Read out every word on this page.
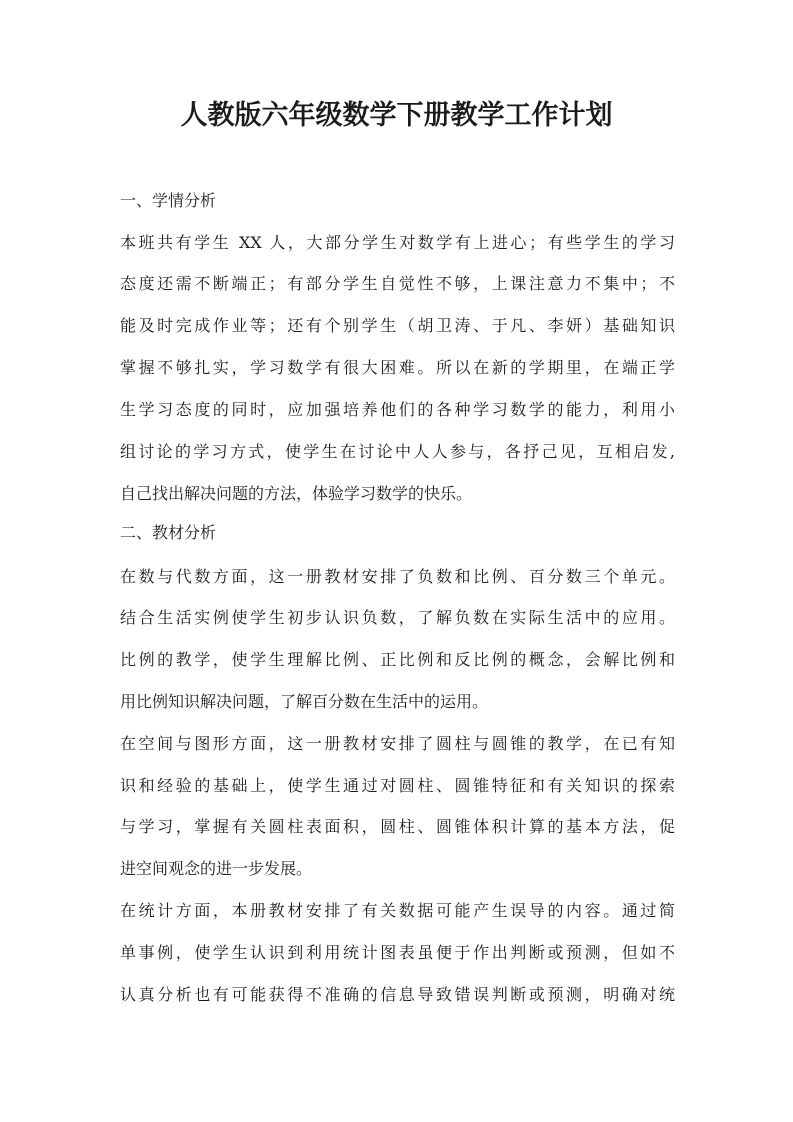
人教版六年级数学下册教学工作计划

一、学情分析

本班共有学生 XX 人，大部分学生对数学有上进心；有些学生的学习

态度还需不断端正；有部分学生自觉性不够，上课注意力不集中；不

能及时完成作业等；还有个别学生（胡卫涛、于凡、李妍）基础知识

掌握不够扎实，学习数学有很大困难。所以在新的学期里，在端正学

生学习态度的同时，应加强培养他们的各种学习数学的能力，利用小

组讨论的学习方式，使学生在讨论中人人参与，各抒己见，互相启发,

自己找出解决问题的方法，体验学习数学的快乐。

二、教材分析

在数与代数方面，这一册教材安排了负数和比例、百分数三个单元。

结合生活实例使学生初步认识负数，了解负数在实际生活中的应用。

比例的教学，使学生理解比例、正比例和反比例的概念，会解比例和

用比例知识解决问题，了解百分数在生活中的运用。

在空间与图形方面，这一册教材安排了圆柱与圆锥的教学，在已有知

识和经验的基础上，使学生通过对圆柱、圆锥特征和有关知识的探索

与学习，掌握有关圆柱表面积，圆柱、圆锥体积计算的基本方法，促

进空间观念的进一步发展。

在统计方面，本册教材安排了有关数据可能产生误导的内容。通过简

单事例，使学生认识到利用统计图表虽便于作出判断或预测，但如不

认真分析也有可能获得不准确的信息导致错误判断或预测，明确对统
